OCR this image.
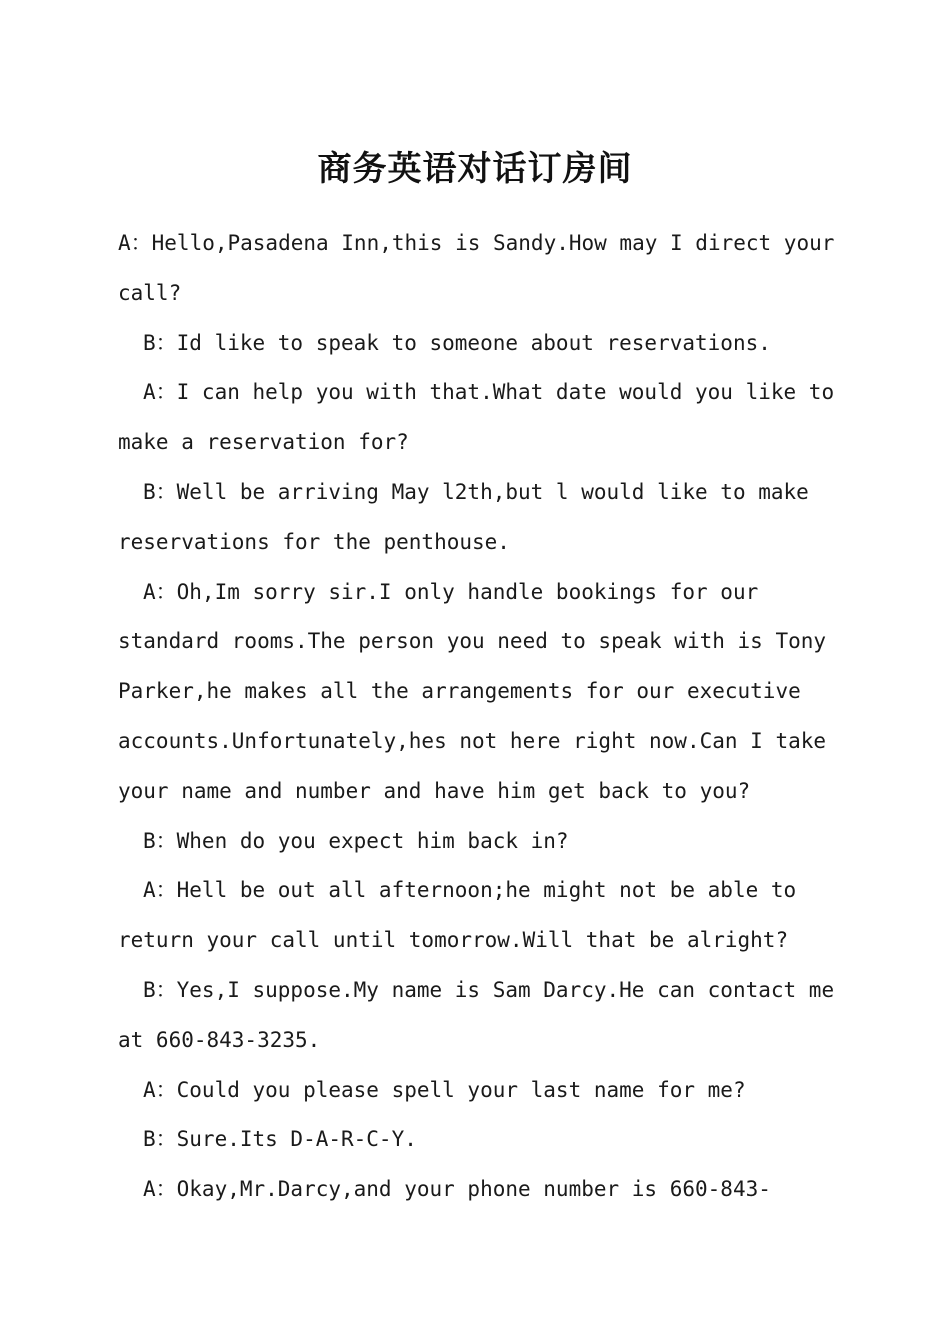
商务英语对话订房间

A：Hello,Pasadena Inn,this is Sandy.How may I direct your call?

B：Id like to speak to someone about reservations.

A：I can help you with that.What date would you like to make a reservation for?

B：Well be arriving May l2th,but l would like to make reservations for the penthouse.

A：Oh,Im sorry sir.I only handle bookings for our standard rooms.The person you need to speak with is Tony Parker,he makes all the arrangements for our executive accounts.Unfortunately,hes not here right now.Can I take your name and number and have him get back to you?

B：When do you expect him back in?

A：Hell be out all afternoon;he might not be able to return your call until tomorrow.Will that be alright?

B：Yes,I suppose.My name is Sam Darcy.He can contact me at 660-843-3235.

A：Could you please spell your last name for me?

B：Sure.Its D-A-R-C-Y.

A：Okay,Mr.Darcy,and your phone number is 660-843-
